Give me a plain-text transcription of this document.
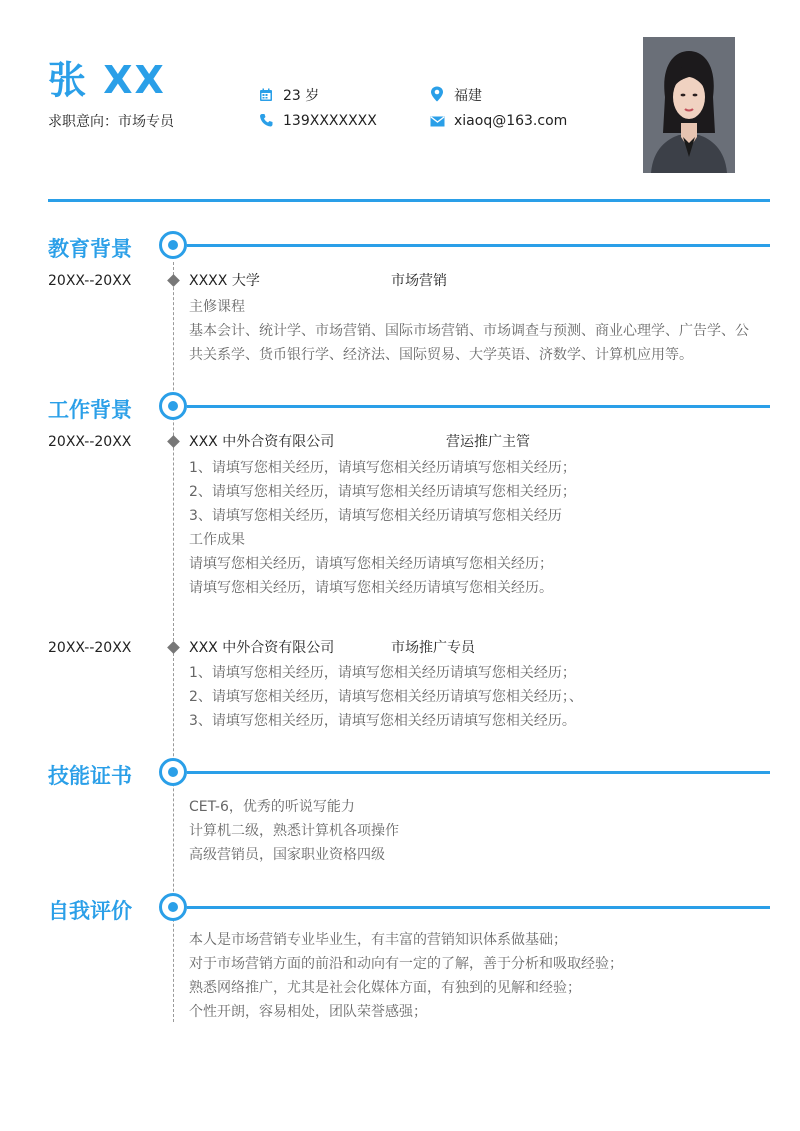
张 XX
求职意向：市场专员
23 岁
139XXXXXXX
福建
xiaoq@163.com
教育背景
20XX--20XX	XXXX 大学	市场营销
主修课程
基本会计、统计学、市场营销、国际市场营销、市场调查与预测、商业心理学、广告学、公
共关系学、货币银行学、经济法、国际贸易、大学英语、济数学、计算机应用等。
工作背景
20XX--20XX	XXX 中外合资有限公司	营运推广主管
1、请填写您相关经历，请填写您相关经历请填写您相关经历；
2、请填写您相关经历，请填写您相关经历请填写您相关经历；
3、请填写您相关经历，请填写您相关经历请填写您相关经历
工作成果
请填写您相关经历，请填写您相关经历请填写您相关经历；
请填写您相关经历，请填写您相关经历请填写您相关经历。
20XX--20XX	XXX 中外合资有限公司	市场推广专员
1、请填写您相关经历，请填写您相关经历请填写您相关经历；
2、请填写您相关经历，请填写您相关经历请填写您相关经历；、
3、请填写您相关经历，请填写您相关经历请填写您相关经历。
技能证书
CET-6，优秀的听说写能力
计算机二级，熟悉计算机各项操作
高级营销员，国家职业资格四级
自我评价
本人是市场营销专业毕业生，有丰富的营销知识体系做基础；
对于市场营销方面的前沿和动向有一定的了解，善于分析和吸取经验；
熟悉网络推广，尤其是社会化媒体方面，有独到的见解和经验；
个性开朗，容易相处，团队荣誉感强；
